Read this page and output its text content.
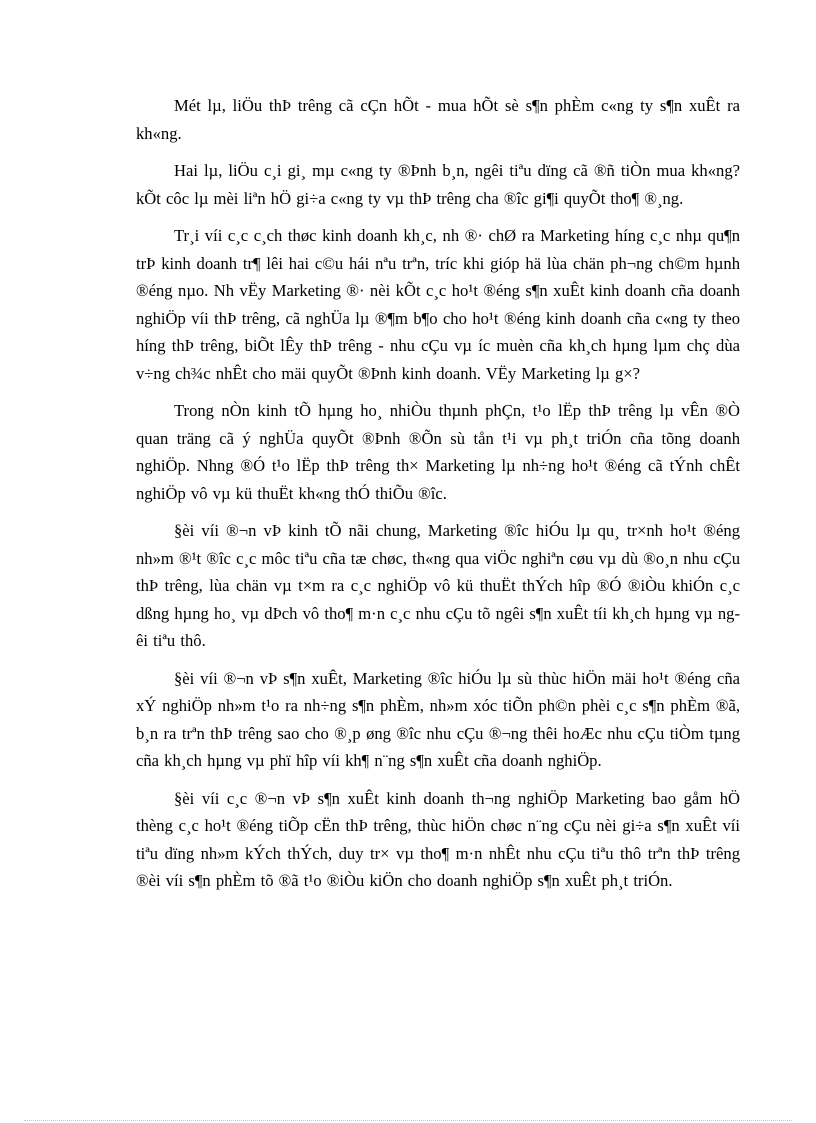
Mét lµ, liÖu thÞ trêng cã cÇn hÕt - mua hÕt sè s¶n phÈm c«ng ty s¶n xuÊt ra kh«ng.

Hai lµ, liÖu c¸i gi¸ mµ c«ng ty ®Þnh b¸n, ngêi tiªu dïng cã ®ñ tiÒn mua kh«ng? kÕt côc lµ mèi liªn hÖ gi÷a c«ng ty vµ thÞ trêng cha ®îc gi¶i quyÕt tho¶ ®¸ng.

Tr¸i víi c¸c c¸ch thøc kinh doanh kh¸c, nh ®· chØ ra Marketing híng c¸c nhµ qu¶n trÞ kinh doanh tr¶ lêi hai c©u hái nªu trªn, tríc khi gióp hä lùa chän ph¬ng ch©m hµnh ®éng nµo. Nh vËy Marketing ®· nèi kÕt c¸c ho¹t ®éng s¶n xuÊt kinh doanh cña doanh nghiÖp víi thÞ trêng, cã nghÜa lµ ®¶m b¶o cho ho¹t ®éng kinh doanh cña c«ng ty theo híng thÞ trêng, biÕt lÊy thÞ trêng - nhu cÇu vµ íc muèn cña kh¸ch hµng lµm chç dùa v÷ng ch¾c nhÊt cho mäi quyÕt ®Þnh kinh doanh. VËy Marketing lµ g×?

Trong nÒn kinh tÕ hµng ho¸ nhiÒu thµnh phÇn, t¹o lËp thÞ trêng lµ vÊn ®Ò quan träng cã ý nghÜa quyÕt ®Þnh ®Õn sù tån t¹i vµ ph¸t triÓn cña tõng doanh nghiÖp. Nhng ®Ó t¹o lËp thÞ trêng th× Marketing lµ nh÷ng ho¹t ®éng cã tÝnh chÊt nghiÖp vô vµ kü thuËt kh«ng thÓ thiÕu ®îc.

§èi víi ®¬n vÞ kinh tÕ nãi chung, Marketing ®îc hiÓu lµ qu¸ tr×nh ho¹t ®éng nh»m ®¹t ®îc c¸c môc tiªu cña tæ chøc, th«ng qua viÖc nghiªn cøu vµ dù ®o¸n nhu cÇu thÞ trêng, lùa chän vµ t×m ra c¸c nghiÖp vô kü thuËt thÝch hîp ®Ó ®iÒu khiÓn c¸c dßng hµng ho¸ vµ dÞch vô tho¶ m·n c¸c nhu cÇu tõ ngêi s¶n xuÊt tíi kh¸ch hµng vµ ngêi tiªu thô.

§èi víi ®¬n vÞ s¶n xuÊt, Marketing ®îc hiÓu lµ sù thùc hiÖn mäi ho¹t ®éng cña xÝ nghiÖp nh»m t¹o ra nh÷ng s¶n phÈm, nh»m xóc tiÕn ph©n phèi c¸c s¶n phÈm ®ã, b¸n ra trªn thÞ trêng sao cho ®¸p øng ®îc nhu cÇu ®¬ng thêi hoÆc nhu cÇu tiÒm tµng cña kh¸ch hµng vµ phï hîp víi kh¶ n¨ng s¶n xuÊt cña doanh nghiÖp.

§èi víi c¸c ®¬n vÞ s¶n xuÊt kinh doanh th¬ng nghiÖp Marketing bao gåm hÖ thèng c¸c ho¹t ®éng tiÕp cËn thÞ trêng, thùc hiÖn chøc n¨ng cÇu nèi gi÷a s¶n xuÊt víi tiªu dïng nh»m kÝch thÝch, duy tr× vµ tho¶ m·n nhÊt nhu cÇu tiªu thô trªn thÞ trêng ®èi víi s¶n phÈm tõ ®ã t¹o ®iÒu kiÖn cho doanh nghiÖp s¶n xuÊt ph¸t triÓn.
